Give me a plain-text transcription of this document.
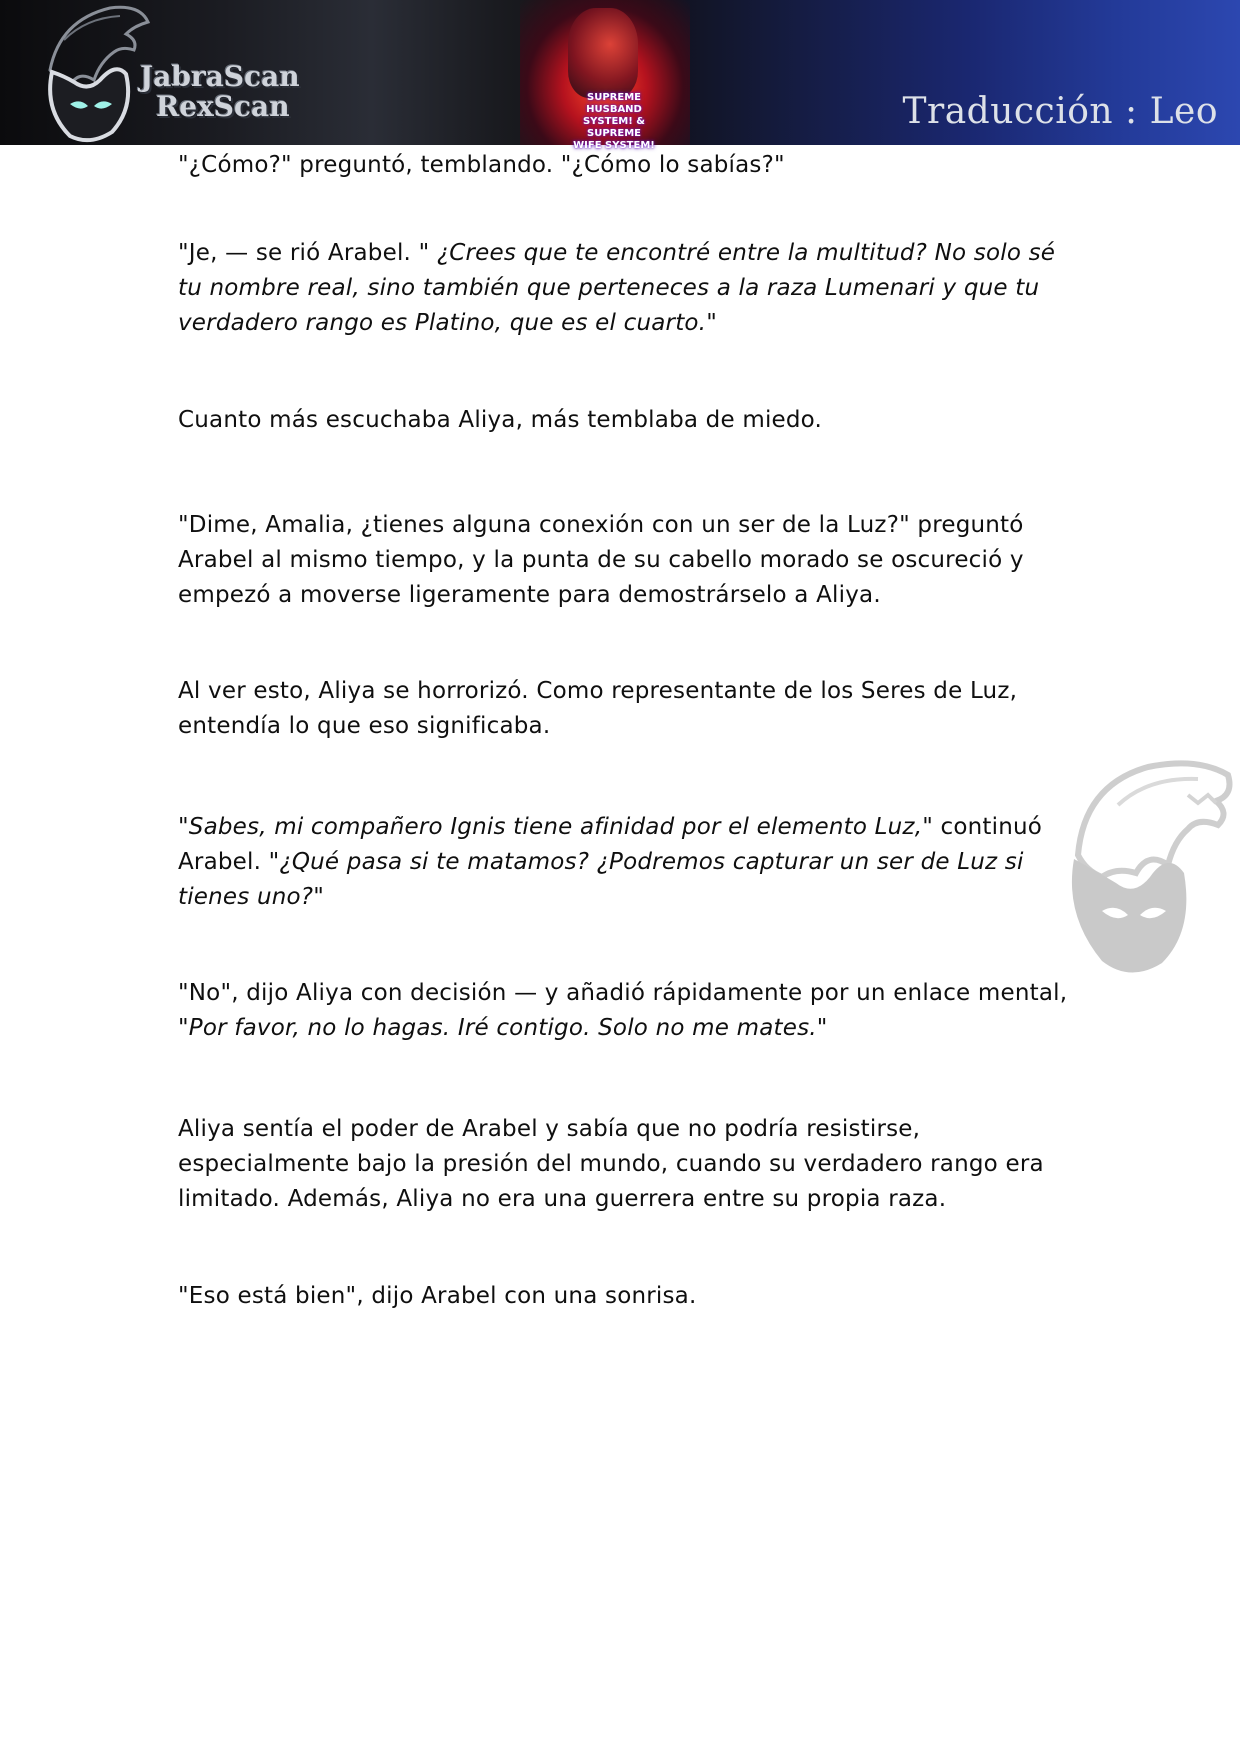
JabraScan
RexScan	SUPREME HUSBAND
SYSTEM! & SUPREME
WIFE SYSTEM!
Traducción : Leo

"¿Cómo?" preguntó, temblando. "¿Cómo lo sabías?"

"Je, — se rió Arabel. " ¿Crees que te encontré entre la multitud? No solo sé
tu nombre real, sino también que perteneces a la raza Lumenari y que tu
verdadero rango es Platino, que es el cuarto."

Cuanto más escuchaba Aliya, más temblaba de miedo.

"Dime, Amalia, ¿tienes alguna conexión con un ser de la Luz?" preguntó
Arabel al mismo tiempo, y la punta de su cabello morado se oscureció y
empezó a moverse ligeramente para demostrárselo a Aliya.

Al ver esto, Aliya se horrorizó. Como representante de los Seres de Luz,
entendía lo que eso significaba.

"Sabes, mi compañero Ignis tiene afinidad por el elemento Luz," continuó
Arabel. "¿Qué pasa si te matamos? ¿Podremos capturar un ser de Luz si
tienes uno?"

"No", dijo Aliya con decisión — y añadió rápidamente por un enlace mental,
"Por favor, no lo hagas. Iré contigo. Solo no me mates."

Aliya sentía el poder de Arabel y sabía que no podría resistirse,
especialmente bajo la presión del mundo, cuando su verdadero rango era
limitado. Además, Aliya no era una guerrera entre su propia raza.

"Eso está bien", dijo Arabel con una sonrisa.
